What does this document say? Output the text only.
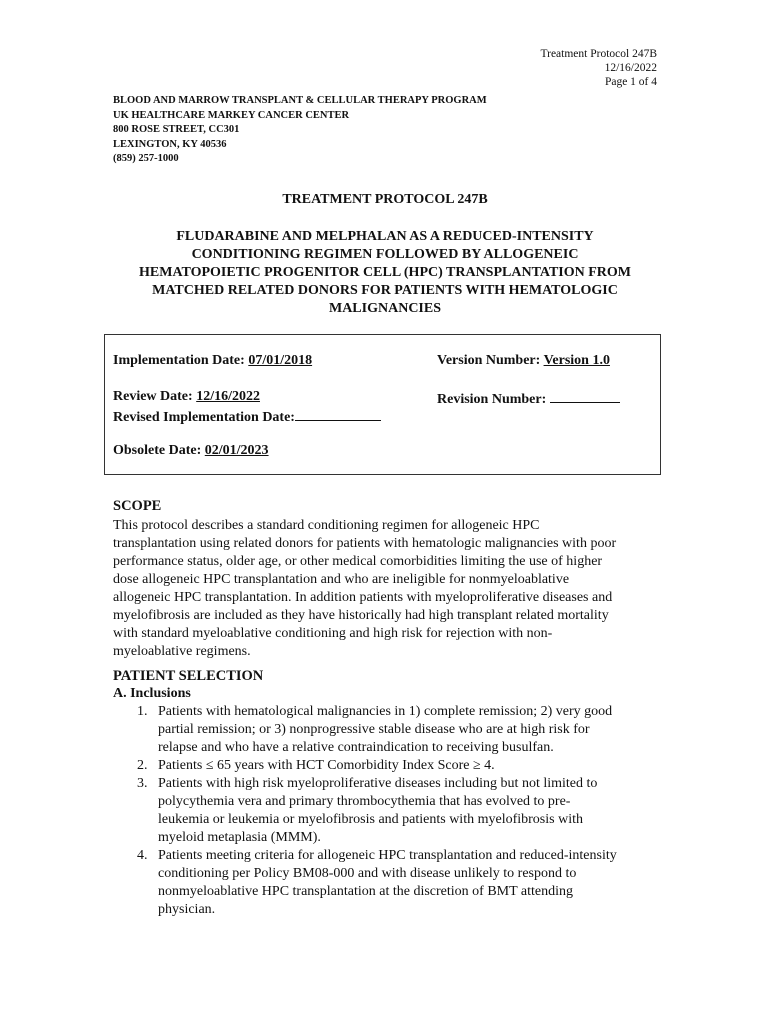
Treatment Protocol 247B
12/16/2022
Page 1 of 4
BLOOD AND MARROW TRANSPLANT & CELLULAR THERAPY PROGRAM
UK HEALTHCARE MARKEY CANCER CENTER
800 ROSE STREET, CC301
LEXINGTON, KY 40536
(859) 257-1000
TREATMENT PROTOCOL 247B
FLUDARABINE AND MELPHALAN AS A REDUCED-INTENSITY
CONDITIONING REGIMEN FOLLOWED BY ALLOGENEIC
HEMATOPOIETIC PROGENITOR CELL (HPC) TRANSPLANTATION FROM
MATCHED RELATED DONORS FOR PATIENTS WITH HEMATOLOGIC
MALIGNANCIES
Implementation Date: 07/01/2018	Version Number: Version 1.0
Review Date: 12/16/2022	Revision Number:
Revised Implementation Date:
Obsolete Date: 02/01/2023
SCOPE
This protocol describes a standard conditioning regimen for allogeneic HPC
transplantation using related donors for patients with hematologic malignancies with poor
performance status, older age, or other medical comorbidities limiting the use of higher
dose allogeneic HPC transplantation and who are ineligible for nonmyeloablative
allogeneic HPC transplantation. In addition patients with myeloproliferative diseases and
myelofibrosis are included as they have historically had high transplant related mortality
with standard myeloablative conditioning and high risk for rejection with non-
myeloablative regimens.
PATIENT SELECTION
A. Inclusions
1. Patients with hematological malignancies in 1) complete remission; 2) very good
partial remission; or 3) nonprogressive stable disease who are at high risk for
relapse and who have a relative contraindication to receiving busulfan.
2. Patients ≤ 65 years with HCT Comorbidity Index Score ≥ 4.
3. Patients with high risk myeloproliferative diseases including but not limited to
polycythemia vera and primary thrombocythemia that has evolved to pre-
leukemia or leukemia or myelofibrosis and patients with myelofibrosis with
myeloid metaplasia (MMM).
4. Patients meeting criteria for allogeneic HPC transplantation and reduced-intensity
conditioning per Policy BM08-000 and with disease unlikely to respond to
nonmyeloablative HPC transplantation at the discretion of BMT attending
physician.
